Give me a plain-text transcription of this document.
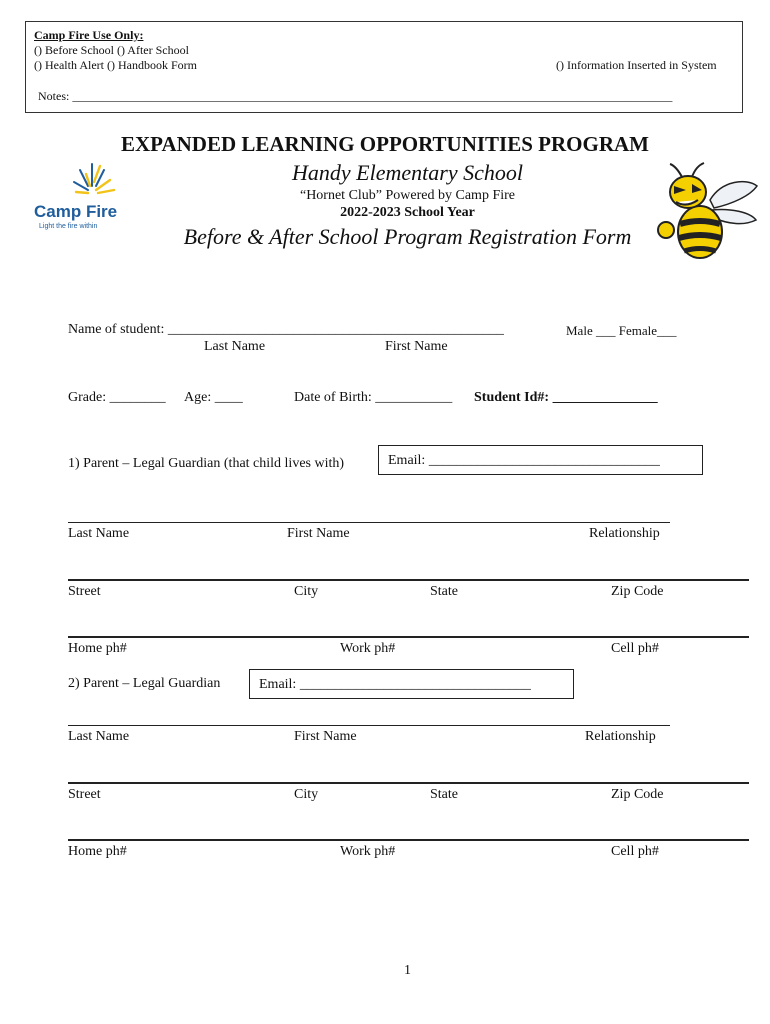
Camp Fire Use Only:
() Before School () After School
() Health Alert () Handbook Form	() Information Inserted in System
Notes: ____________________________________________________________________________________________________
EXPANDED LEARNING OPPORTUNITIES PROGRAM
Camp Fire
Light the fire within
Handy Elementary School
“Hornet Club” Powered by Camp Fire
2022-2023 School Year
Before & After School Program Registration Form
Name of student: ________________________________________________	Male ___ Female___
Last Name	First Name
Grade: ________ Age: ____	Date of Birth: ___________ Student Id#: _______________
1) Parent – Legal Guardian (that child lives with)	Email: _________________________________
Last Name	First Name	Relationship
Street	City	State	Zip Code
Home ph#	Work ph#	Cell ph#
2) Parent – Legal Guardian	Email: _________________________________
Last Name	First Name	Relationship
Street	City	State	Zip Code
Home ph#	Work ph#	Cell ph#
1
